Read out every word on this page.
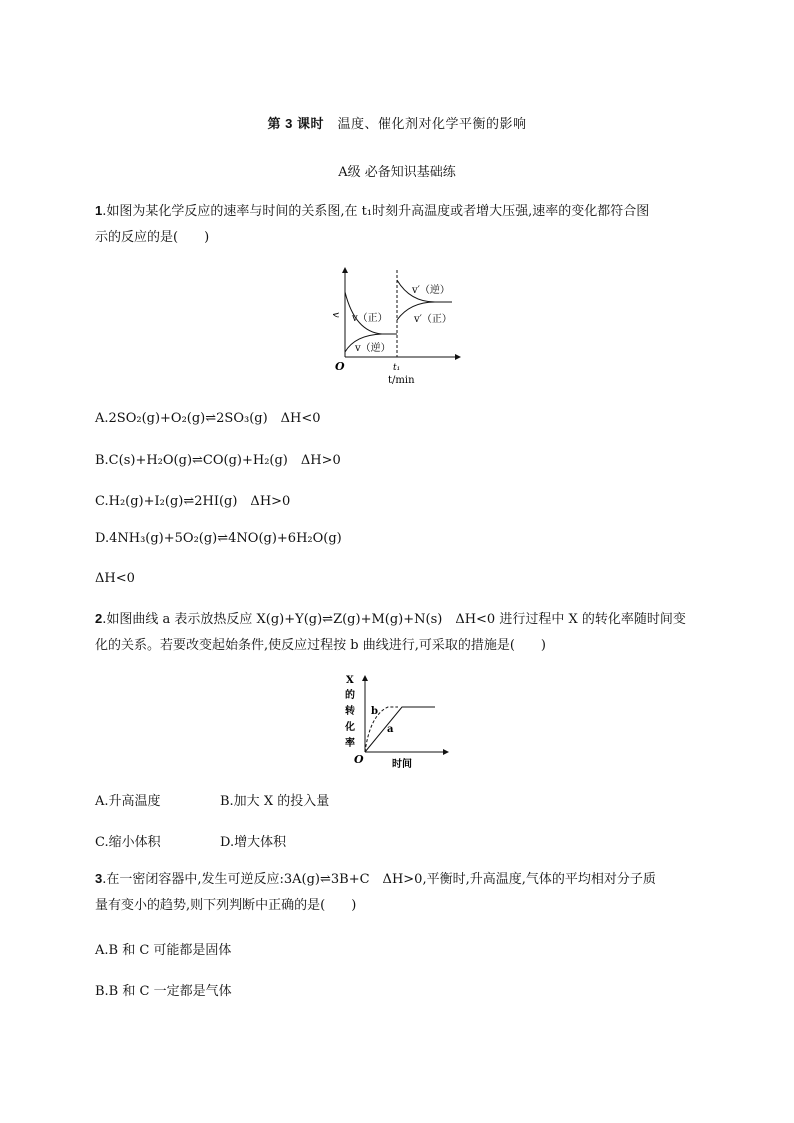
第 3 课时　 温度、催化剂对化学平衡的影响
A级 必备知识基础练
1.如图为某化学反应的速率与时间的关系图,在 t₁时刻升高温度或者增大压强,速率的变化都符合图
示的反应的是(　　)
v
O	t₁
t/min
v（正）
v（逆）
v′（逆）
v′（正）
A.2SO₂(g)+O₂(g)⇌2SO₃(g)　ΔH<0
B.C(s)+H₂O(g)⇌CO(g)+H₂(g)　ΔH>0
C.H₂(g)+I₂(g)⇌2HI(g)　ΔH>0
D.4NH₃(g)+5O₂(g)⇌4NO(g)+6H₂O(g)
ΔH<0
2.如图曲线 a 表示放热反应 X(g)+Y(g)⇌Z(g)+M(g)+N(s)　ΔH<0 进行过程中 X 的转化率随时间变
化的关系。若要改变起始条件,使反应过程按 b 曲线进行,可采取的措施是(　　)
X
的
转
化
率
O	时间
b
a
A.升高温度	B.加大 X 的投入量
C.缩小体积	D.增大体积
3.在一密闭容器中,发生可逆反应:3A(g)⇌3B+C　ΔH>0,平衡时,升高温度,气体的平均相对分子质
量有变小的趋势,则下列判断中正确的是(　　)
A.B 和 C 可能都是固体
B.B 和 C 一定都是气体
